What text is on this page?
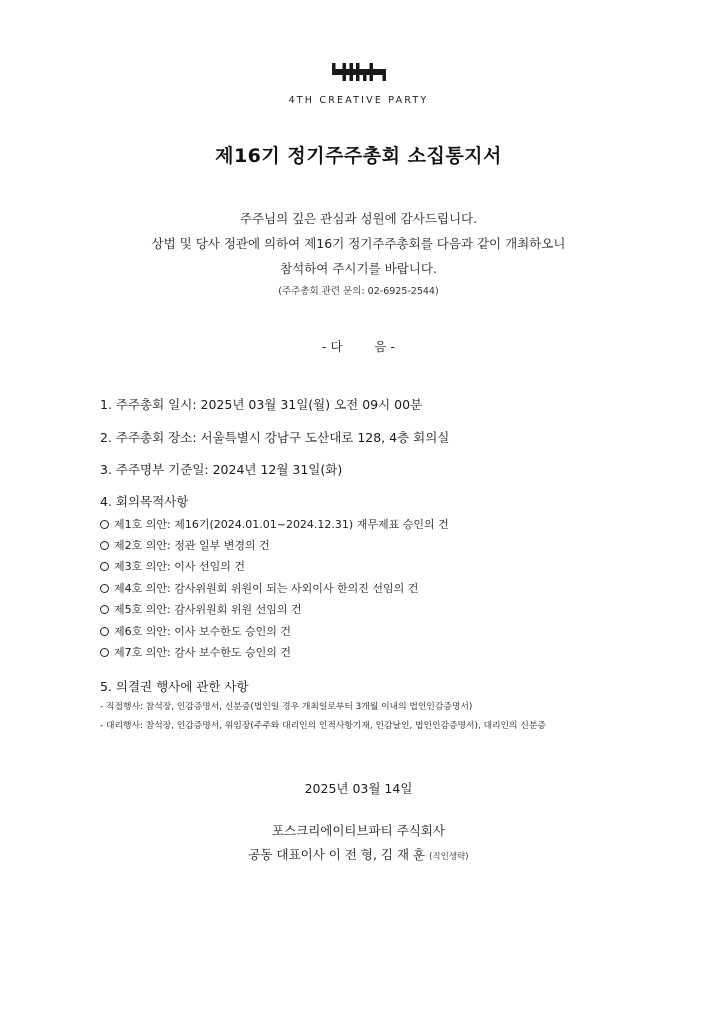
4TH CREATIVE PARTY
제16기 정기주주총회 소집통지서
주주님의 깊은 관심과 성원에 감사드립니다.
상법 및 당사 정관에 의하여 제16기 정기주주총회를 다음과 같이 개최하오니
참석하여 주시기를 바랍니다.
(주주총회 관련 문의: 02-6925-2544)
- 다        음 -
1. 주주총회 일시: 2025년 03월 31일(월) 오전 09시 00분
2. 주주총회 장소: 서울특별시 강남구 도산대로 128, 4층 회의실
3. 주주명부 기준일: 2024년 12월 31일(화)
4. 회의목적사항
제1호 의안: 제16기(2024.01.01~2024.12.31) 재무제표 승인의 건
제2호 의안: 정관 일부 변경의 건
제3호 의안: 이사 선임의 건
제4호 의안: 감사위원회 위원이 되는 사외이사 한의진 선임의 건
제5호 의안: 감사위원회 위원 선임의 건
제6호 의안: 이사 보수한도 승인의 건
제7호 의안: 감사 보수한도 승인의 건
5. 의결권 행사에 관한 사항
- 직접행사: 참석장, 인감증명서, 신분증(법인일 경우 개최일로부터 3개월 이내의 법인인감증명서)
- 대리행사: 참석장, 인감증명서, 위임장(주주와 대리인의 인적사항기재, 인감날인, 법인인감증명서), 대리인의 신분증
2025년 03월 14일
포스크리에이티브파티 주식회사
공동 대표이사 이 전 형, 김 재 훈 (직인생략)
